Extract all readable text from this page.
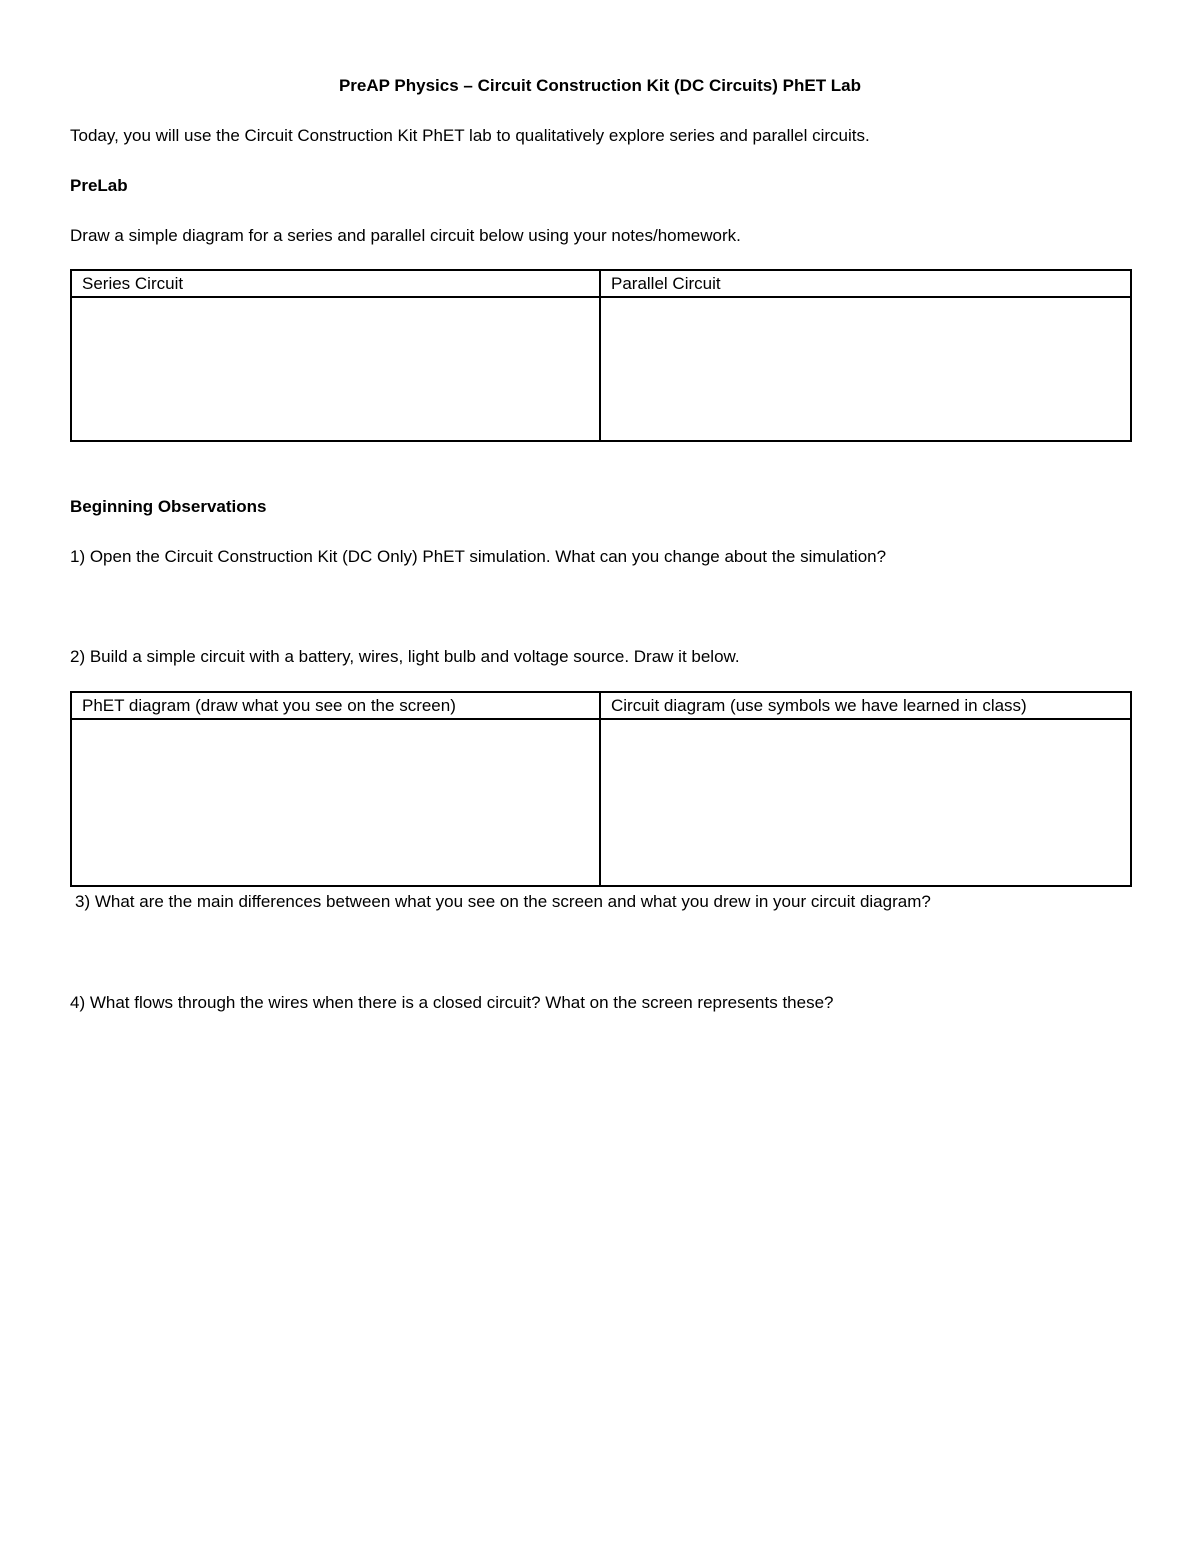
PreAP Physics – Circuit Construction Kit (DC Circuits) PhET Lab

Today, you will use the Circuit Construction Kit PhET lab to qualitatively explore series and parallel circuits.

PreLab

Draw a simple diagram for a series and parallel circuit below using your notes/homework.

Series Circuit	Parallel Circuit

Beginning Observations

1) Open the Circuit Construction Kit (DC Only) PhET simulation. What can you change about the simulation?

2) Build a simple circuit with a battery, wires, light bulb and voltage source. Draw it below.

PhET diagram (draw what you see on the screen)	Circuit diagram (use symbols we have learned in class)

3) What are the main differences between what you see on the screen and what you drew in your circuit diagram?

4) What flows through the wires when there is a closed circuit? What on the screen represents these?
